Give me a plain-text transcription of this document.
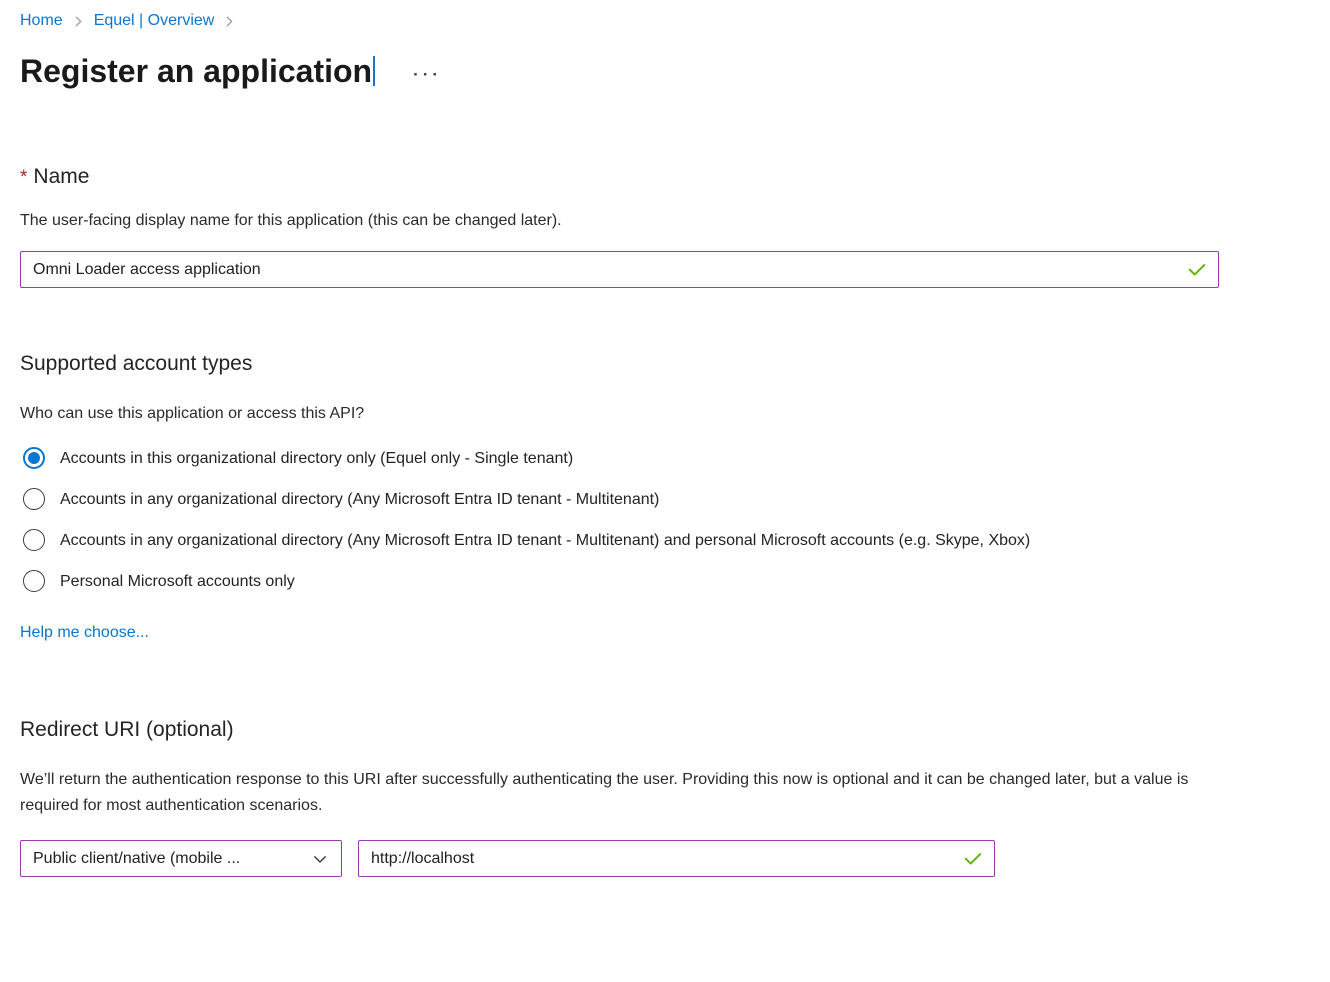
Home Equel | Overview
Register an application ···
* Name
The user-facing display name for this application (this can be changed later).
Omni Loader access application
Supported account types
Who can use this application or access this API?
Accounts in this organizational directory only (Equel only - Single tenant)
Accounts in any organizational directory (Any Microsoft Entra ID tenant - Multitenant)
Accounts in any organizational directory (Any Microsoft Entra ID tenant - Multitenant) and personal Microsoft accounts (e.g. Skype, Xbox)
Personal Microsoft accounts only
Help me choose...
Redirect URI (optional)
We’ll return the authentication response to this URI after successfully authenticating the user. Providing this now is optional and it can be changed later, but a value is required for most authentication scenarios.
Public client/native (mobile ...
http://localhost
